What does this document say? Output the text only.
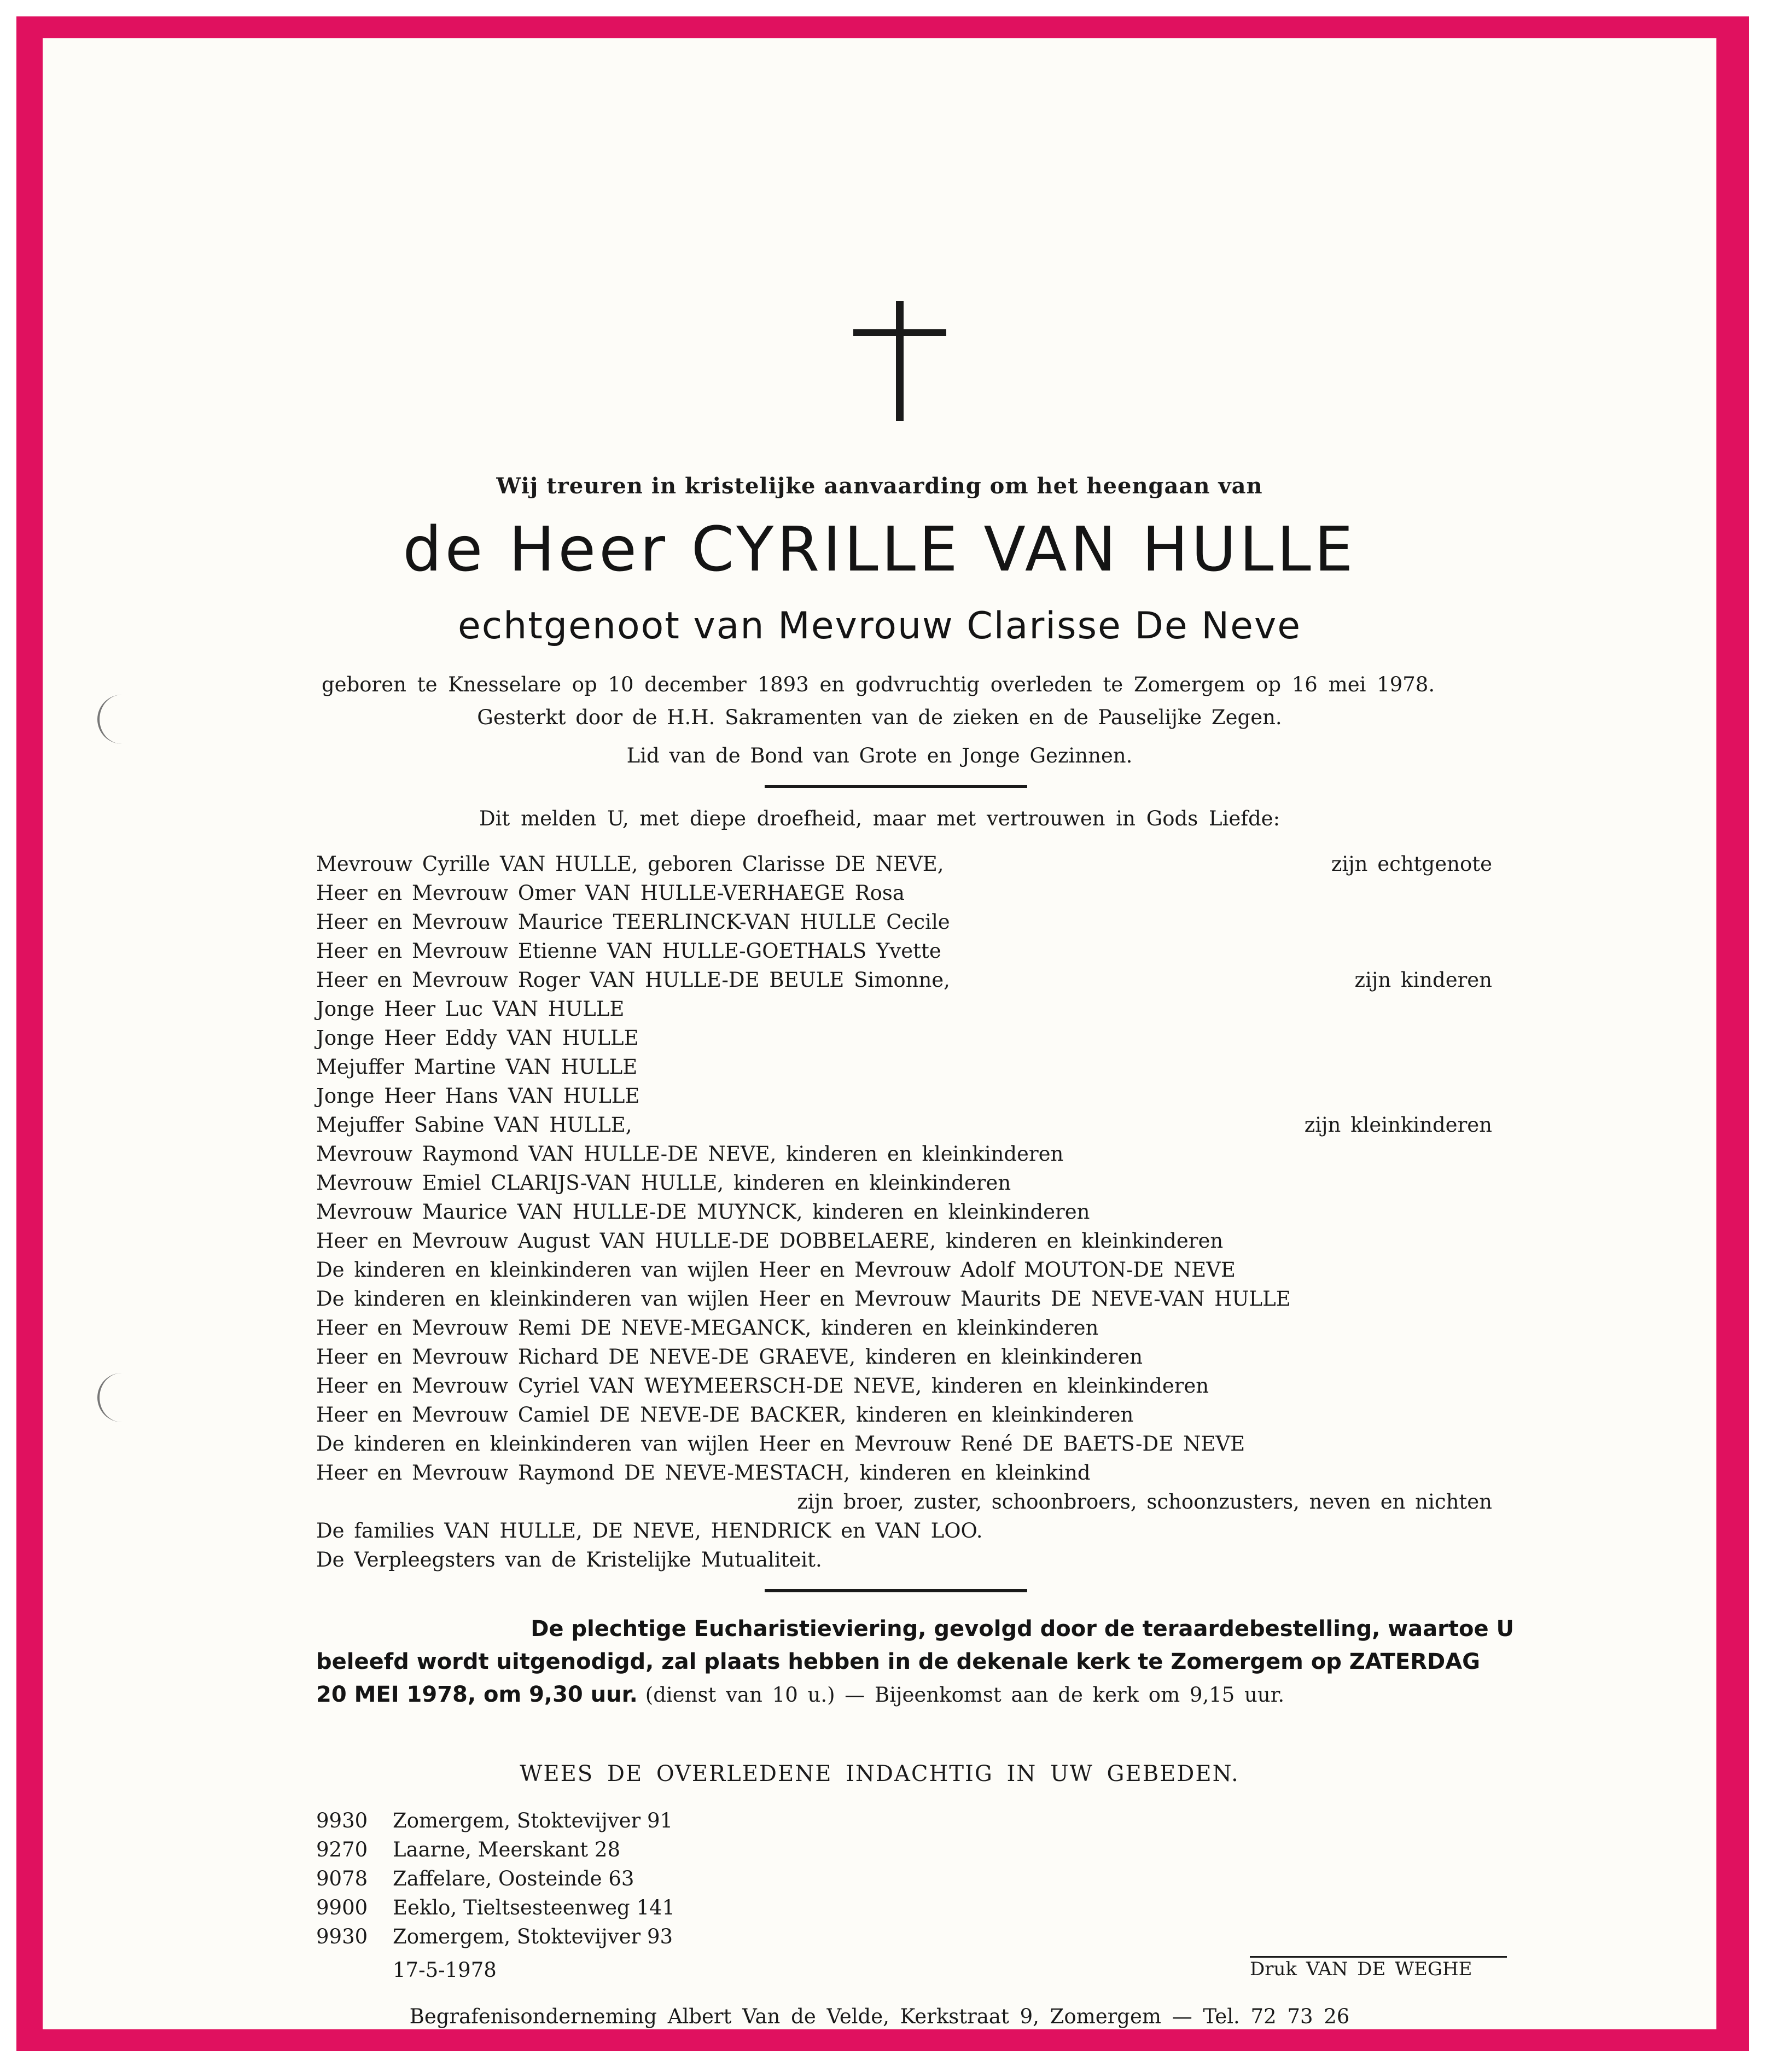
Wij treuren in kristelijke aanvaarding om het heengaan van
de Heer CYRILLE VAN HULLE
echtgenoot van Mevrouw Clarisse De Neve
geboren te Knesselare op 10 december 1893 en godvruchtig overleden te Zomergem op 16 mei 1978.
Gesterkt door de H.H. Sakramenten van de zieken en de Pauselijke Zegen.
Lid van de Bond van Grote en Jonge Gezinnen.
Dit melden U, met diepe droefheid, maar met vertrouwen in Gods Liefde:
Mevrouw Cyrille VAN HULLE, geboren Clarisse DE NEVE,
Heer en Mevrouw Omer VAN HULLE-VERHAEGE Rosa
Heer en Mevrouw Maurice TEERLINCK-VAN HULLE Cecile
Heer en Mevrouw Etienne VAN HULLE-GOETHALS Yvette
Heer en Mevrouw Roger VAN HULLE-DE BEULE Simonne,
Jonge Heer Luc VAN HULLE
Jonge Heer Eddy VAN HULLE
Mejuffer Martine VAN HULLE
Jonge Heer Hans VAN HULLE
Mejuffer Sabine VAN HULLE,
Mevrouw Raymond VAN HULLE-DE NEVE, kinderen en kleinkinderen
Mevrouw Emiel CLARIJS-VAN HULLE, kinderen en kleinkinderen
Mevrouw Maurice VAN HULLE-DE MUYNCK, kinderen en kleinkinderen
Heer en Mevrouw August VAN HULLE-DE DOBBELAERE, kinderen en kleinkinderen
De kinderen en kleinkinderen van wijlen Heer en Mevrouw Adolf MOUTON-DE NEVE
De kinderen en kleinkinderen van wijlen Heer en Mevrouw Maurits DE NEVE-VAN HULLE
Heer en Mevrouw Remi DE NEVE-MEGANCK, kinderen en kleinkinderen
Heer en Mevrouw Richard DE NEVE-DE GRAEVE, kinderen en kleinkinderen
Heer en Mevrouw Cyriel VAN WEYMEERSCH-DE NEVE, kinderen en kleinkinderen
Heer en Mevrouw Camiel DE NEVE-DE BACKER, kinderen en kleinkinderen
De kinderen en kleinkinderen van wijlen Heer en Mevrouw René DE BAETS-DE NEVE
Heer en Mevrouw Raymond DE NEVE-MESTACH, kinderen en kleinkind
zijn echtgenote
zijn kinderen
zijn kleinkinderen
zijn broer, zuster, schoonbroers, schoonzusters, neven en nichten
De families VAN HULLE, DE NEVE, HENDRICK en VAN LOO.
De Verpleegsters van de Kristelijke Mutualiteit.

De plechtige Eucharistieviering, gevolgd door de teraardebestelling, waartoe U

beleefd wordt uitgenodigd, zal plaats hebben in de dekenale kerk te Zomergem op ZATERDAG

20 MEI 1978, om 9,30 uur. (dienst van 10 u.) — Bijeenkomst aan de kerk om 9,15 uur.

WEES DE OVERLEDENE INDACHTIG IN UW GEBEDEN.
9930 Zomergem, Stoktevijver 91
9270 Laarne, Meerskant 28
9078 Zaffelare, Oosteinde 63
9900 Eeklo, Tieltsesteenweg 141
9930 Zomergem, Stoktevijver 93
17-5-1978	Druk VAN DE WEGHE
Begrafenisonderneming Albert Van de Velde, Kerkstraat 9, Zomergem — Tel. 72 73 26
